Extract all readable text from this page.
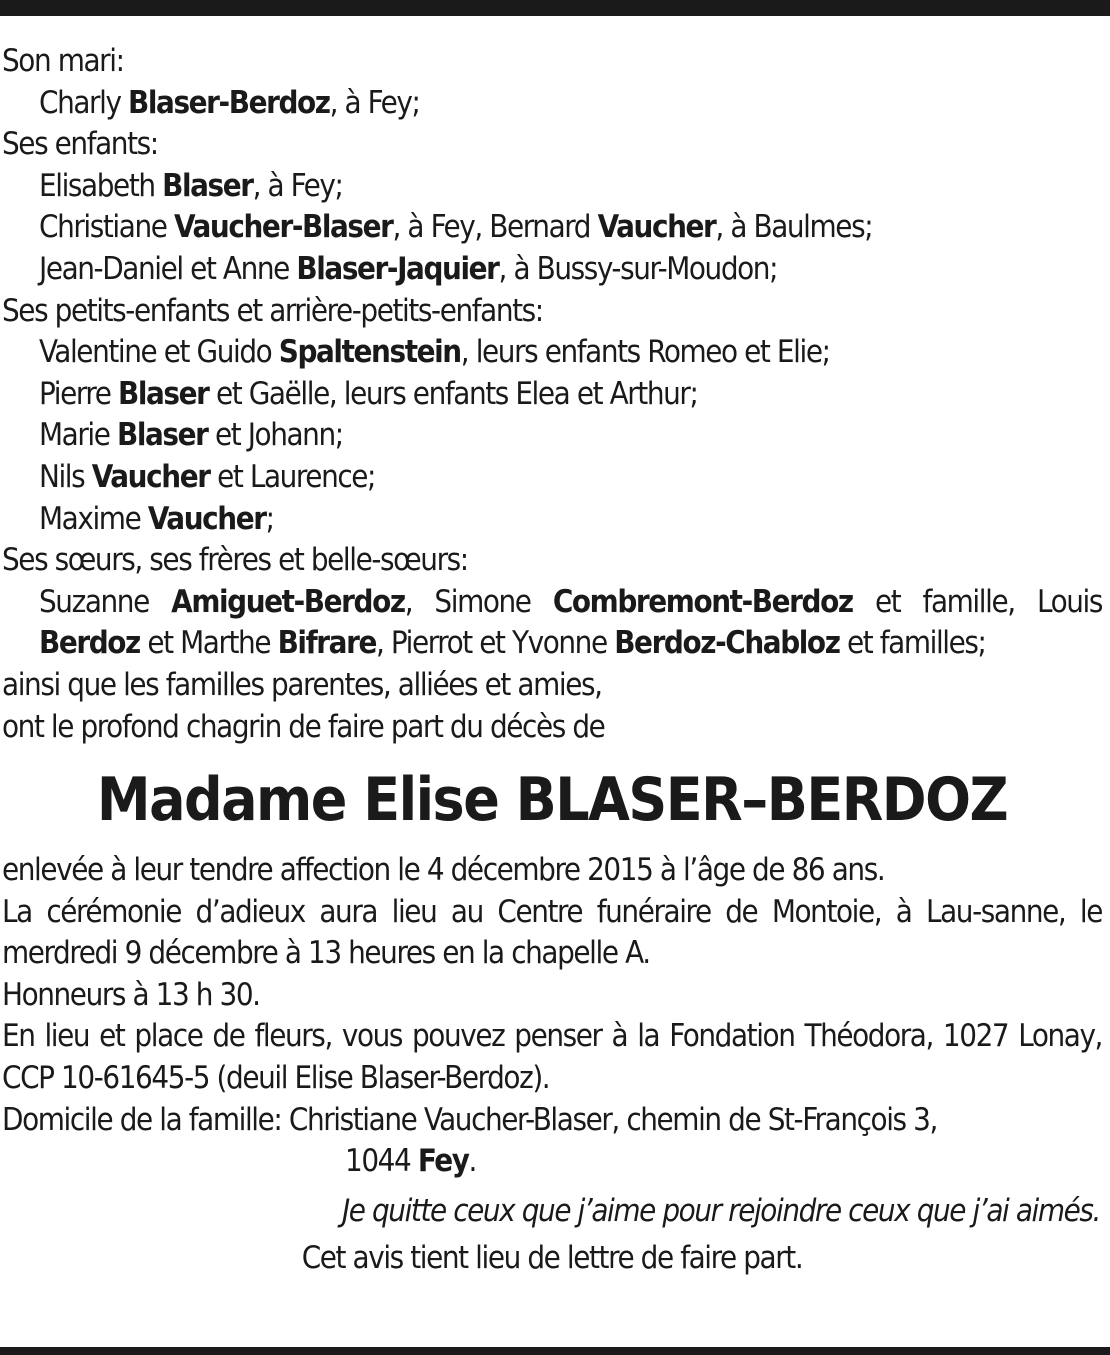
Son mari:
Charly Blaser-Berdoz, à Fey;
Ses enfants:
Elisabeth Blaser, à Fey;
Christiane Vaucher-Blaser, à Fey, Bernard Vaucher, à Baulmes;
Jean-Daniel et Anne Blaser-Jaquier, à Bussy-sur-Moudon;
Ses petits-enfants et arrière-petits-enfants:
Valentine et Guido Spaltenstein, leurs enfants Romeo et Elie;
Pierre Blaser et Gaëlle, leurs enfants Elea et Arthur;
Marie Blaser et Johann;
Nils Vaucher et Laurence;
Maxime Vaucher;
Ses sœurs, ses frères et belle-sœurs:
Suzanne Amiguet-Berdoz, Simone Combremont-Berdoz et famille, Louis Berdoz et Marthe Bifrare, Pierrot et Yvonne Berdoz-Chabloz et familles;
ainsi que les familles parentes, alliées et amies,
ont le profond chagrin de faire part du décès de
Madame Elise BLASER–BERDOZ
enlevée à leur tendre affection le 4 décembre 2015 à l’âge de 86 ans.
La cérémonie d’adieux aura lieu au Centre funéraire de Montoie, à Lau-sanne, le merdredi 9 décembre à 13 heures en la chapelle A.
Honneurs à 13 h 30.
En lieu et place de fleurs, vous pouvez penser à la Fondation Théodora, 1027 Lonay, CCP 10-61645-5 (deuil Elise Blaser-Berdoz).
Domicile de la famille: Christiane Vaucher-Blaser, chemin de St-François 3,
1044 Fey.
Je quitte ceux que j’aime pour rejoindre ceux que j’ai aimés.
Cet avis tient lieu de lettre de faire part.
